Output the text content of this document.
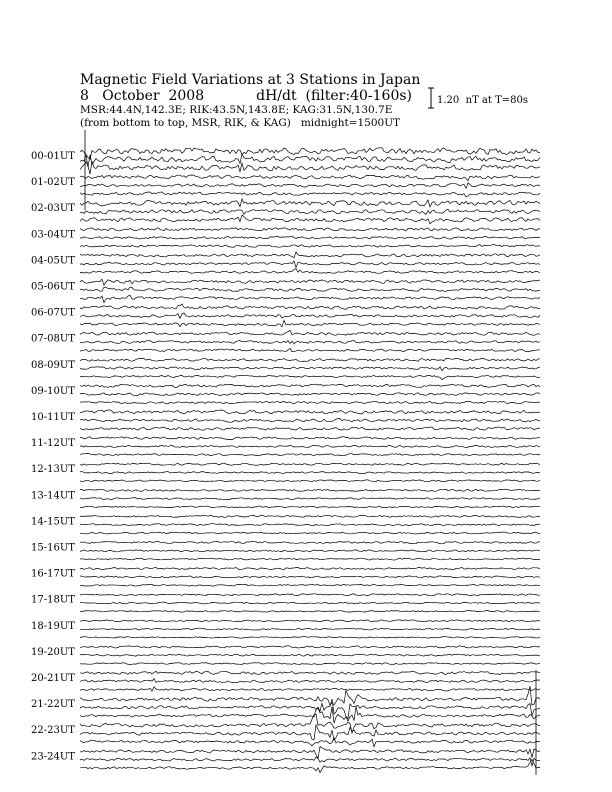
Magnetic Field Variations at 3 Stations in Japan
8   October  2008	dH/dt  (filter:40-160s)
MSR:44.4N,142.3E; RIK:43.5N,143.8E; KAG:31.5N,130.7E
(from bottom to top, MSR, RIK, & KAG)   midnight=1500UT
1.20  nT at T=80s
00-01UT
01-02UT
02-03UT
03-04UT
04-05UT
05-06UT
06-07UT
07-08UT
08-09UT
09-10UT
10-11UT
11-12UT
12-13UT
13-14UT
14-15UT
15-16UT
16-17UT
17-18UT
18-19UT
19-20UT
20-21UT
21-22UT
22-23UT
23-24UT
